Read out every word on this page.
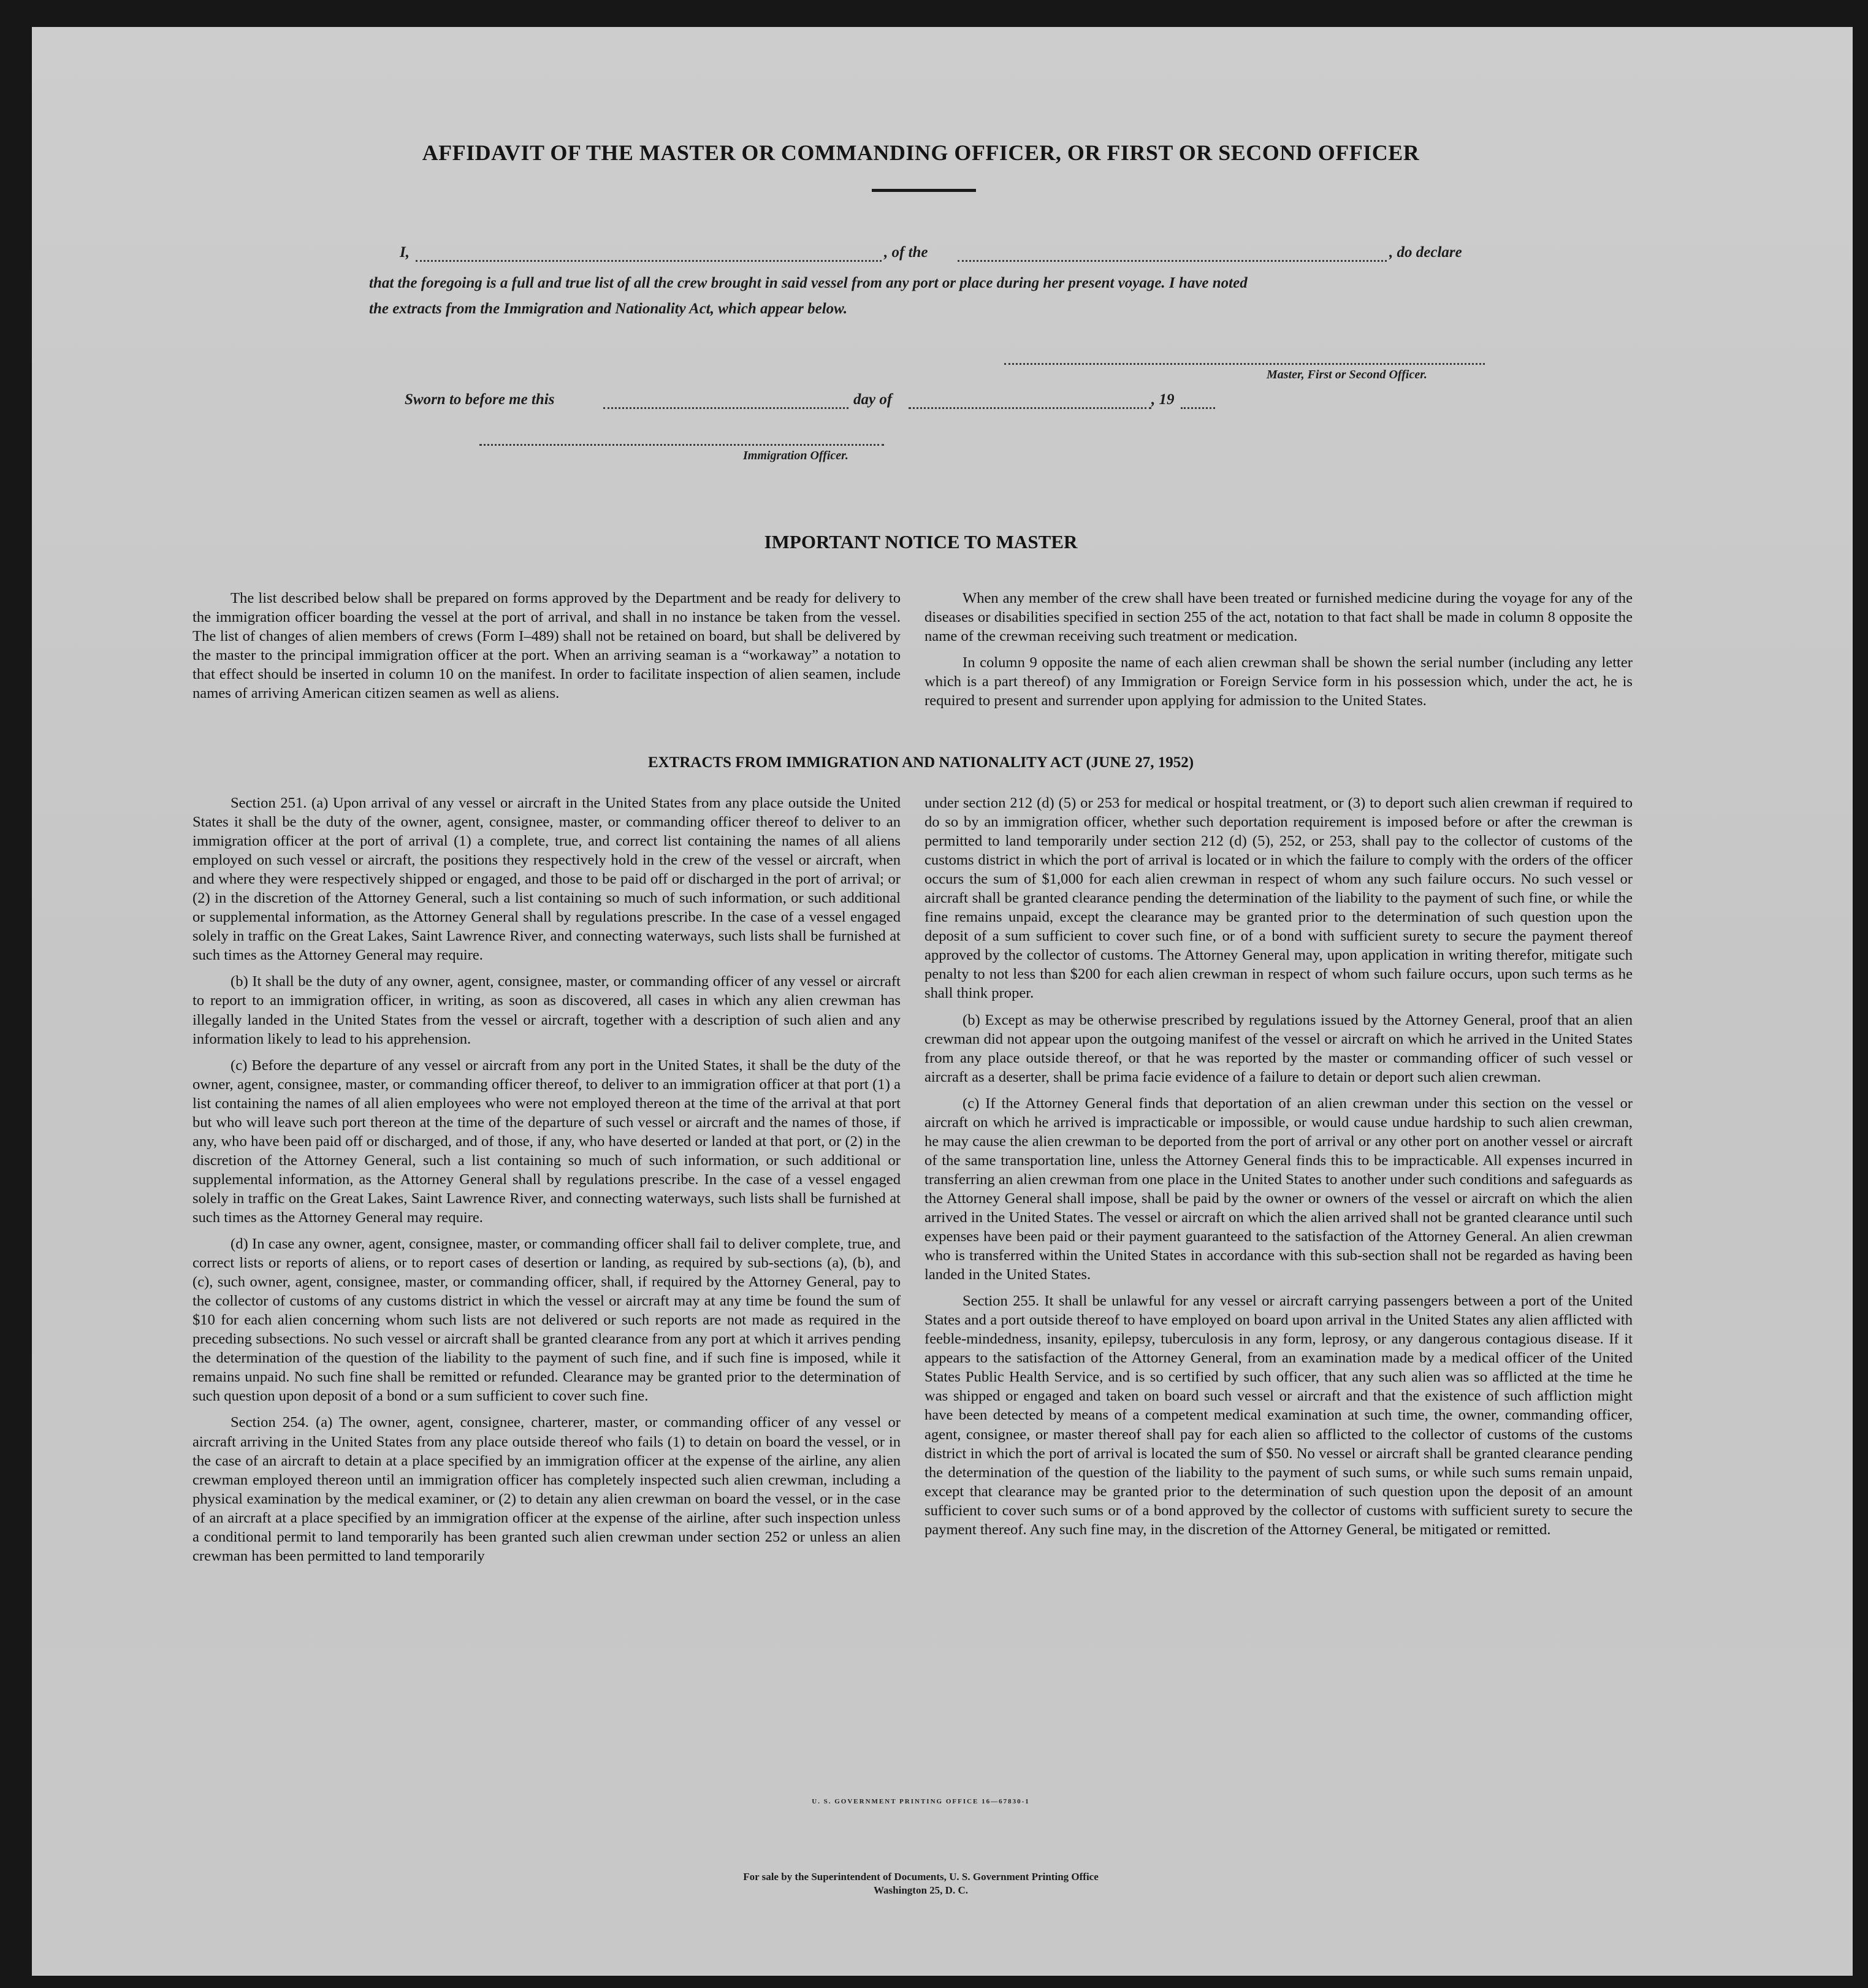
AFFIDAVIT OF THE MASTER OR COMMANDING OFFICER, OR FIRST OR SECOND OFFICER
I,	, of the	, do declare
that the foregoing is a full and true list of all the crew brought in said vessel from any port or place during her present voyage. I have noted
the extracts from the Immigration and Nationality Act, which appear below.
Master, First or Second Officer.
Sworn to before me this	day of	, 19
Immigration Officer.
IMPORTANT NOTICE TO MASTER

The list described below shall be prepared on forms approved by the Department and be ready for delivery to the immigration officer boarding the vessel at the port of arrival, and shall in no instance be taken from the vessel. The list of changes of alien members of crews (Form I–489) shall not be retained on board, but shall be delivered by the master to the principal immigration officer at the port. When an arriving seaman is a “workaway” a notation to that effect should be inserted in column 10 on the manifest. In order to facilitate inspection of alien seamen, include names of arriving American citizen seamen as well as aliens.

When any member of the crew shall have been treated or furnished medicine during the voyage for any of the diseases or disabilities specified in section 255 of the act, notation to that fact shall be made in column 8 opposite the name of the crewman receiving such treatment or medication.

In column 9 opposite the name of each alien crewman shall be shown the serial number (including any letter which is a part thereof) of any Immigration or Foreign Service form in his possession which, under the act, he is required to present and surrender upon applying for admission to the United States.

EXTRACTS FROM IMMIGRATION AND NATIONALITY ACT (JUNE 27, 1952)

Section 251. (a) Upon arrival of any vessel or aircraft in the United States from any place outside the United States it shall be the duty of the owner, agent, consignee, master, or commanding officer thereof to deliver to an immigration officer at the port of arrival (1) a complete, true, and correct list containing the names of all aliens employed on such vessel or aircraft, the positions they respectively hold in the crew of the vessel or aircraft, when and where they were respectively shipped or engaged, and those to be paid off or discharged in the port of arrival; or (2) in the discretion of the Attorney General, such a list containing so much of such information, or such additional or supplemental information, as the Attorney General shall by regulations prescribe. In the case of a vessel engaged solely in traffic on the Great Lakes, Saint Lawrence River, and connecting waterways, such lists shall be furnished at such times as the Attorney General may require.

(b) It shall be the duty of any owner, agent, consignee, master, or commanding officer of any vessel or aircraft to report to an immigration officer, in writing, as soon as discovered, all cases in which any alien crewman has illegally landed in the United States from the vessel or aircraft, together with a description of such alien and any information likely to lead to his apprehension.

(c) Before the departure of any vessel or aircraft from any port in the United States, it shall be the duty of the owner, agent, consignee, master, or commanding officer thereof, to deliver to an immigration officer at that port (1) a list containing the names of all alien employees who were not employed thereon at the time of the arrival at that port but who will leave such port thereon at the time of the departure of such vessel or aircraft and the names of those, if any, who have been paid off or discharged, and of those, if any, who have deserted or landed at that port, or (2) in the discretion of the Attorney General, such a list containing so much of such information, or such additional or supplemental information, as the Attorney General shall by regulations prescribe. In the case of a vessel engaged solely in traffic on the Great Lakes, Saint Lawrence River, and connecting waterways, such lists shall be furnished at such times as the Attorney General may require.

(d) In case any owner, agent, consignee, master, or commanding officer shall fail to deliver complete, true, and correct lists or reports of aliens, or to report cases of desertion or landing, as required by sub-sections (a), (b), and (c), such owner, agent, consignee, master, or commanding officer, shall, if required by the Attorney General, pay to the collector of customs of any customs district in which the vessel or aircraft may at any time be found the sum of $10 for each alien concerning whom such lists are not delivered or such reports are not made as required in the preceding subsections. No such vessel or aircraft shall be granted clearance from any port at which it arrives pending the determination of the question of the liability to the payment of such fine, and if such fine is imposed, while it remains unpaid. No such fine shall be remitted or refunded. Clearance may be granted prior to the determination of such question upon deposit of a bond or a sum sufficient to cover such fine.

Section 254. (a) The owner, agent, consignee, charterer, master, or commanding officer of any vessel or aircraft arriving in the United States from any place outside thereof who fails (1) to detain on board the vessel, or in the case of an aircraft to detain at a place specified by an immigration officer at the expense of the airline, any alien crewman employed thereon until an immigration officer has completely inspected such alien crewman, including a physical examination by the medical examiner, or (2) to detain any alien crewman on board the vessel, or in the case of an aircraft at a place specified by an immigration officer at the expense of the airline, after such inspection unless a conditional permit to land temporarily has been granted such alien crewman under section 252 or unless an alien crewman has been permitted to land temporarily

under section 212 (d) (5) or 253 for medical or hospital treatment, or (3) to deport such alien crewman if required to do so by an immigration officer, whether such deportation requirement is imposed before or after the crewman is permitted to land temporarily under section 212 (d) (5), 252, or 253, shall pay to the collector of customs of the customs district in which the port of arrival is located or in which the failure to comply with the orders of the officer occurs the sum of $1,000 for each alien crewman in respect of whom any such failure occurs. No such vessel or aircraft shall be granted clearance pending the determination of the liability to the payment of such fine, or while the fine remains unpaid, except the clearance may be granted prior to the determination of such question upon the deposit of a sum sufficient to cover such fine, or of a bond with sufficient surety to secure the payment thereof approved by the collector of customs. The Attorney General may, upon application in writing therefor, mitigate such penalty to not less than $200 for each alien crewman in respect of whom such failure occurs, upon such terms as he shall think proper.

(b) Except as may be otherwise prescribed by regulations issued by the Attorney General, proof that an alien crewman did not appear upon the outgoing manifest of the vessel or aircraft on which he arrived in the United States from any place outside thereof, or that he was reported by the master or commanding officer of such vessel or aircraft as a deserter, shall be prima facie evidence of a failure to detain or deport such alien crewman.

(c) If the Attorney General finds that deportation of an alien crewman under this section on the vessel or aircraft on which he arrived is impracticable or impossible, or would cause undue hardship to such alien crewman, he may cause the alien crewman to be deported from the port of arrival or any other port on another vessel or aircraft of the same transportation line, unless the Attorney General finds this to be impracticable. All expenses incurred in transferring an alien crewman from one place in the United States to another under such conditions and safeguards as the Attorney General shall impose, shall be paid by the owner or owners of the vessel or aircraft on which the alien arrived in the United States. The vessel or aircraft on which the alien arrived shall not be granted clearance until such expenses have been paid or their payment guaranteed to the satisfaction of the Attorney General. An alien crewman who is transferred within the United States in accordance with this sub-section shall not be regarded as having been landed in the United States.

Section 255. It shall be unlawful for any vessel or aircraft carrying passengers between a port of the United States and a port outside thereof to have employed on board upon arrival in the United States any alien afflicted with feeble-mindedness, insanity, epilepsy, tuberculosis in any form, leprosy, or any dangerous contagious disease. If it appears to the satisfaction of the Attorney General, from an examination made by a medical officer of the United States Public Health Service, and is so certified by such officer, that any such alien was so afflicted at the time he was shipped or engaged and taken on board such vessel or aircraft and that the existence of such affliction might have been detected by means of a competent medical examination at such time, the owner, commanding officer, agent, consignee, or master thereof shall pay for each alien so afflicted to the collector of customs of the customs district in which the port of arrival is located the sum of $50. No vessel or aircraft shall be granted clearance pending the determination of the question of the liability to the payment of such sums, or while such sums remain unpaid, except that clearance may be granted prior to the determination of such question upon the deposit of an amount sufficient to cover such sums or of a bond approved by the collector of customs with sufficient surety to secure the payment thereof. Any such fine may, in the discretion of the Attorney General, be mitigated or remitted.

U. S. GOVERNMENT PRINTING OFFICE 16—67830-1
For sale by the Superintendent of Documents, U. S. Government Printing Office
Washington 25, D. C.
